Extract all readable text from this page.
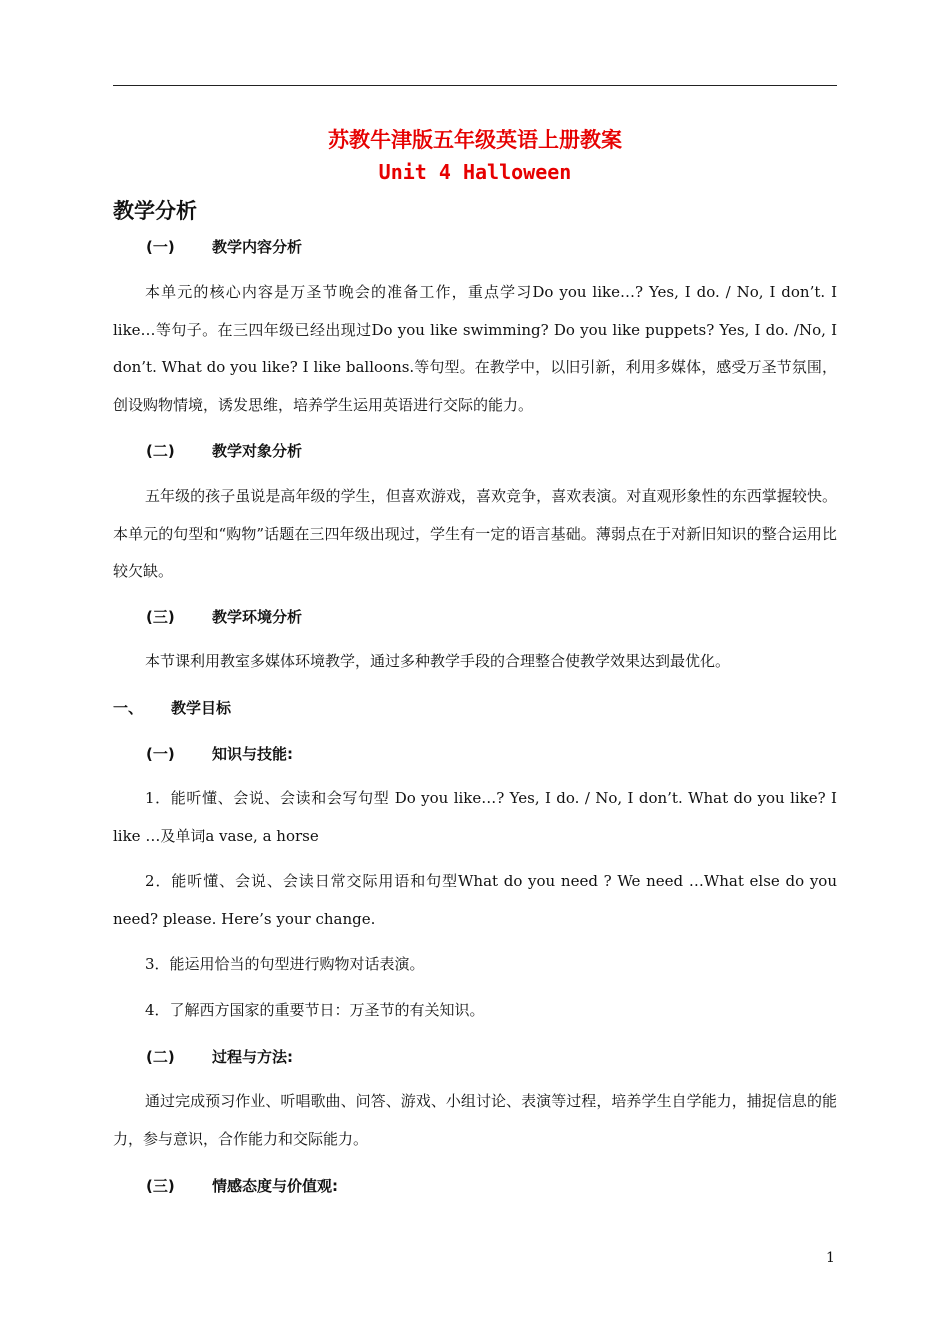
苏教牛津版五年级英语上册教案
Unit 4 Halloween
教学分析
(一) 教学内容分析
本单元的核心内容是万圣节晚会的准备工作，重点学习Do you like…? Yes, I do. / No, I don’t. I like…等句子。在三四年级已经出现过Do you like swimming? Do you like puppets? Yes, I do. /No, I don’t. What do you like? I like balloons.等句型。在教学中，以旧引新，利用多媒体，感受万圣节氛围，创设购物情境，诱发思维，培养学生运用英语进行交际的能力。
(二) 教学对象分析
五年级的孩子虽说是高年级的学生，但喜欢游戏，喜欢竞争，喜欢表演。对直观形象性的东西掌握较快。本单元的句型和“购物”话题在三四年级出现过，学生有一定的语言基础。薄弱点在于对新旧知识的整合运用比较欠缺。
(三) 教学环境分析
本节课利用教室多媒体环境教学，通过多种教学手段的合理整合使教学效果达到最优化。
一、 教学目标
(一) 知识与技能:
1．能听懂、会说、会读和会写句型 Do you like…? Yes, I do. / No, I don’t. What do you like? I like …及单词a vase, a horse
2．能听懂、会说、会读日常交际用语和句型What do you need ? We need …What else do you need? please. Here’s your change.
3．能运用恰当的句型进行购物对话表演。
4．了解西方国家的重要节日：万圣节的有关知识。
(二) 过程与方法:
通过完成预习作业、听唱歌曲、问答、游戏、小组讨论、表演等过程，培养学生自学能力，捕捉信息的能力，参与意识，合作能力和交际能力。
(三) 情感态度与价值观:
1
